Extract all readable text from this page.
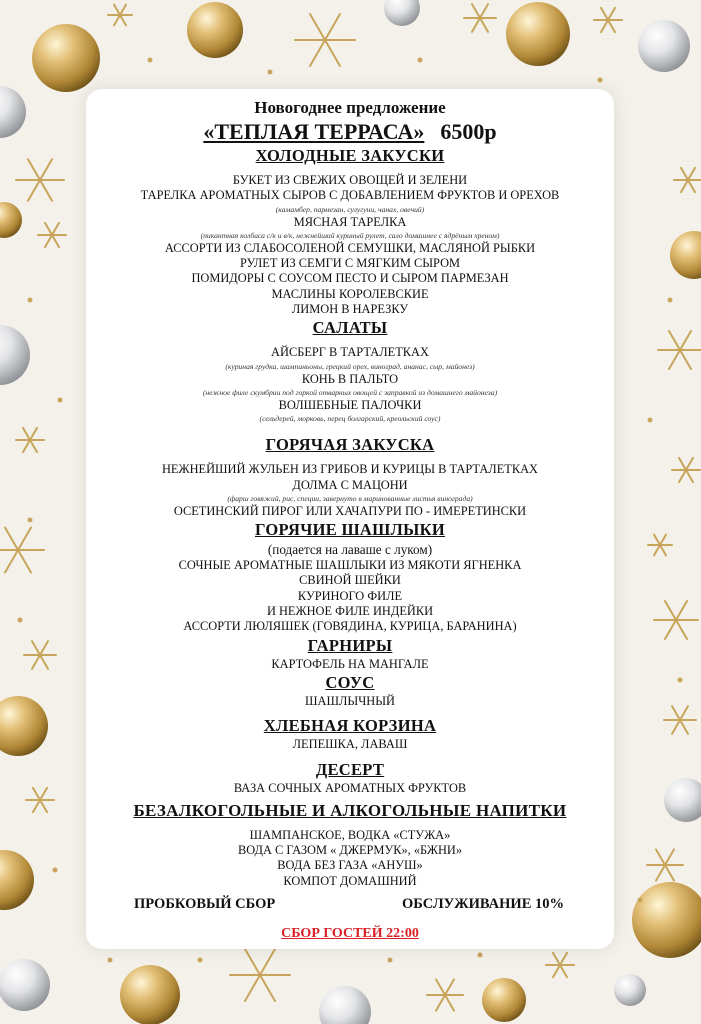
Новогоднее предложение
«ТЕПЛАЯ ТЕРРАСА» 6500р
ХОЛОДНЫЕ ЗАКУСКИ
БУКЕТ ИЗ СВЕЖИХ ОВОЩЕЙ И ЗЕЛЕНИ
ТАРЕЛКА АРОМАТНЫХ СЫРОВ С ДОБАВЛЕНИЕМ ФРУКТОВ И ОРЕХОВ
(камамбер, пармезан, сулугуни, чанах, овечий)
МЯСНАЯ ТАРЕЛКА
(пикантная колбаса с/к и в/к, нежнейший куриный рулет, сало домашнее с ядрёным хреном)
АССОРТИ ИЗ СЛАБОСОЛЕНОЙ СЕМУШКИ, МАСЛЯНОЙ РЫБКИ
РУЛЕТ ИЗ СЕМГИ С МЯГКИМ СЫРОМ
ПОМИДОРЫ С СОУСОМ ПЕСТО И СЫРОМ ПАРМЕЗАН
МАСЛИНЫ КОРОЛЕВСКИЕ
ЛИМОН В НАРЕЗКУ
САЛАТЫ
АЙСБЕРГ В ТАРТАЛЕТКАХ
(куриная грудка, шампиньоны, грецкий орех, виноград, ананас, сыр, майонез)
КОНЬ В ПАЛЬТО
(нежное филе скумбрии под горкой отварных овощей с заправкой из домашнего майонеза)
ВОЛШЕБНЫЕ ПАЛОЧКИ
(сельдерей, морковь, перец болгарский, креольский соус)
ГОРЯЧАЯ ЗАКУСКА
НЕЖНЕЙШИЙ ЖУЛЬЕН ИЗ ГРИБОВ И КУРИЦЫ В ТАРТАЛЕТКАХ
ДОЛМА С МАЦОНИ
(фарш говяжий, рис, специи, завернуто в маринованные листья винограда)
ОСЕТИНСКИЙ ПИРОГ ИЛИ ХАЧАПУРИ ПО - ИМЕРЕТИНСКИ
ГОРЯЧИЕ ШАШЛЫКИ
(подается на лаваше с луком)
СОЧНЫЕ АРОМАТНЫЕ ШАШЛЫКИ ИЗ МЯКОТИ ЯГНЕНКА
СВИНОЙ ШЕЙКИ
КУРИНОГО ФИЛЕ
И НЕЖНОЕ ФИЛЕ ИНДЕЙКИ
АССОРТИ ЛЮЛЯШЕК (ГОВЯДИНА, КУРИЦА, БАРАНИНА)
ГАРНИРЫ
КАРТОФЕЛЬ НА МАНГАЛЕ
СОУС
ШАШЛЫЧНЫЙ
ХЛЕБНАЯ КОРЗИНА
ЛЕПЕШКА, ЛАВАШ
ДЕСЕРТ
ВАЗА СОЧНЫХ АРОМАТНЫХ ФРУКТОВ
БЕЗАЛКОГОЛЬНЫЕ И АЛКОГОЛЬНЫЕ НАПИТКИ
ШАМПАНСКОЕ, ВОДКА «СТУЖА»
ВОДА С ГАЗОМ « ДЖЕРМУК», «БЖНИ»
ВОДА БЕЗ ГАЗА «АНУШ»
КОМПОТ ДОМАШНИЙ
ПРОБКОВЫЙ СБОР	ОБСЛУЖИВАНИЕ 10%
СБОР ГОСТЕЙ 22:00
